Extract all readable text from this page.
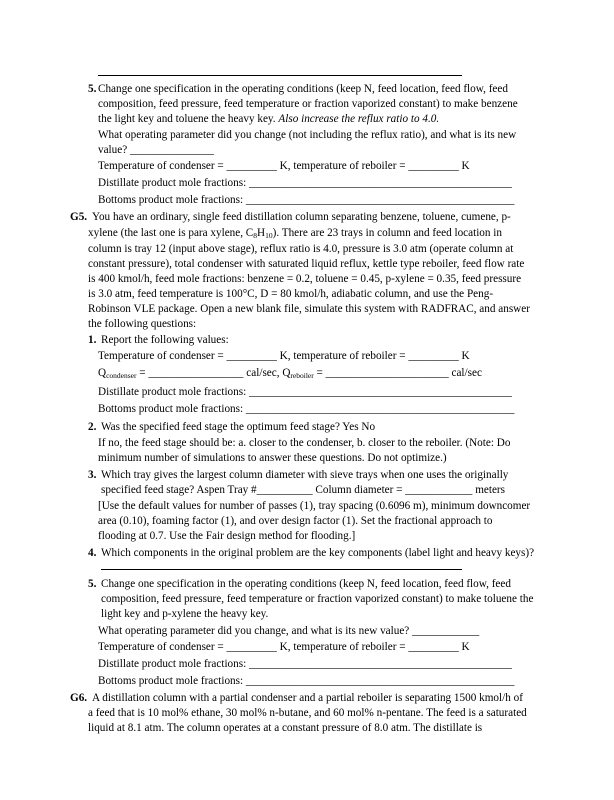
5. Change one specification in the operating conditions (keep N, feed location, feed flow, feed
composition, feed pressure, feed temperature or fraction vaporized constant) to make benzene
the light key and toluene the heavy key. Also increase the reflux ratio to 4.0.
What operating parameter did you change (not including the reflux ratio), and what is its new
value? _______________
Temperature of condenser = _________ K, temperature of reboiler = _________ K
Distillate product mole fractions: _______________________________________________
Bottoms product mole fractions: ________________________________________________
G5. You have an ordinary, single feed distillation column separating benzene, toluene, cumene, p-
xylene (the last one is para xylene, $C_8H_{10}$). There are 23 trays in column and feed location in
column is tray 12 (input above stage), reflux ratio is 4.0, pressure is 3.0 atm (operate column at
constant pressure), total condenser with saturated liquid reflux, kettle type reboiler, feed flow rate
is 400 kmol/h, feed mole fractions: benzene = 0.2, toluene = 0.45, p-xylene = 0.35, feed pressure
is 3.0 atm, feed temperature is 100°C, D = 80 kmol/h, adiabatic column, and use the Peng-
Robinson VLE package. Open a new blank file, simulate this system with RADFRAC, and answer
the following questions:
1. Report the following values:
Temperature of condenser = _________ K, temperature of reboiler = _________ K
$Q_{condenser}$ = _________________ cal/sec, $Q_{reboiler}$ = ______________________ cal/sec
Distillate product mole fractions: _______________________________________________
Bottoms product mole fractions: ________________________________________________
2. Was the specified feed stage the optimum feed stage? Yes No
If no, the feed stage should be: a. closer to the condenser, b. closer to the reboiler. (Note: Do
minimum number of simulations to answer these questions. Do not optimize.)
3. Which tray gives the largest column diameter with sieve trays when one uses the originally
specified feed stage? Aspen Tray #__________ Column diameter = ____________ meters
[Use the default values for number of passes (1), tray spacing (0.6096 m), minimum downcomer
area (0.10), foaming factor (1), and over design factor (1). Set the fractional approach to
flooding at 0.7. Use the Fair design method for flooding.]
4. Which components in the original problem are the key components (label light and heavy keys)?
5. Change one specification in the operating conditions (keep N, feed location, feed flow, feed
composition, feed pressure, feed temperature or fraction vaporized constant) to make toluene the
light key and p-xylene the heavy key.
What operating parameter did you change, and what is its new value? ____________
Temperature of condenser = _________ K, temperature of reboiler = _________ K
Distillate product mole fractions: _______________________________________________
Bottoms product mole fractions: ________________________________________________
G6. A distillation column with a partial condenser and a partial reboiler is separating 1500 kmol/h of
a feed that is 10 mol% ethane, 30 mol% n-butane, and 60 mol% n-pentane. The feed is a saturated
liquid at 8.1 atm. The column operates at a constant pressure of 8.0 atm. The distillate is
